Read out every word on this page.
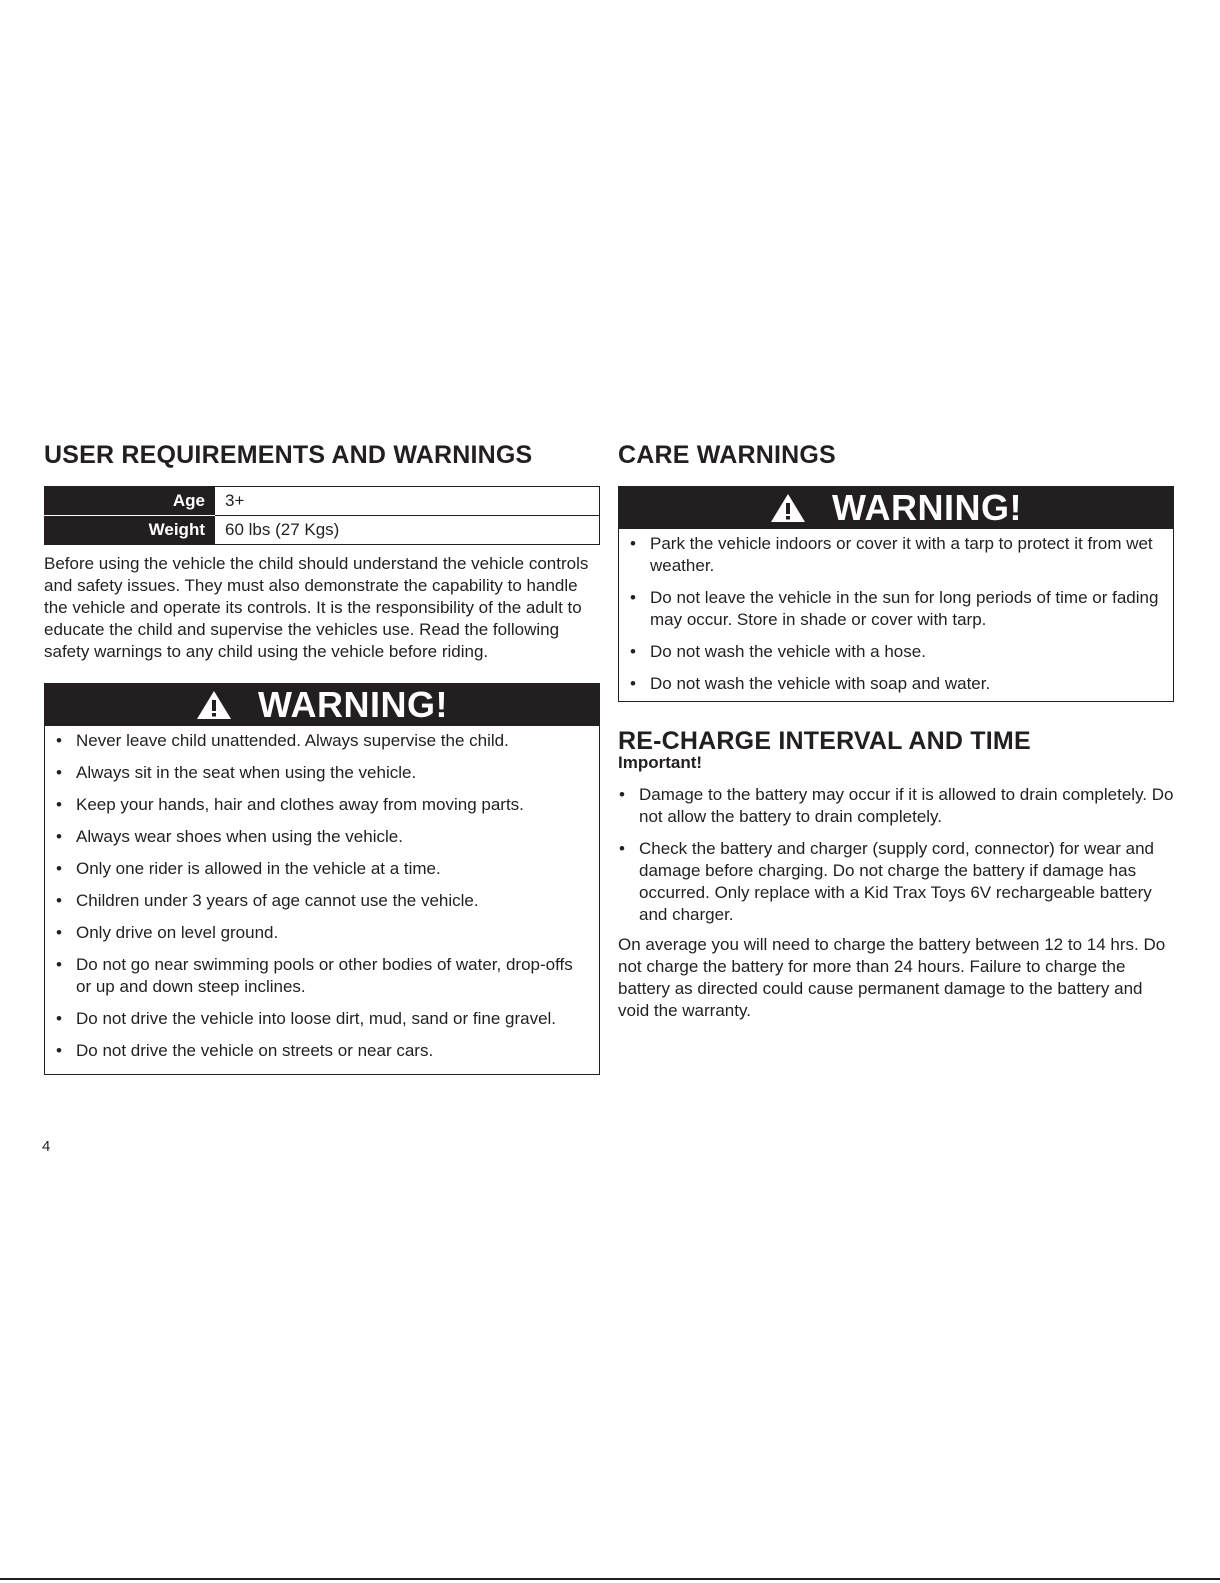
USER REQUIREMENTS AND WARNINGS
Age	3+
Weight	60 lbs (27 Kgs)

Before using the vehicle the child should understand the vehicle controls and safety issues. They must also demonstrate the capability to handle the vehicle and operate its controls. It is the responsibility of the adult to educate the child and supervise the vehicles use. Read the following safety warnings to any child using the vehicle before riding.

WARNING!
• Never leave child unattended. Always supervise the child.
• Always sit in the seat when using the vehicle.
• Keep your hands, hair and clothes away from moving parts.
• Always wear shoes when using the vehicle.
• Only one rider is allowed in the vehicle at a time.
• Children under 3 years of age cannot use the vehicle.
• Only drive on level ground.
• Do not go near swimming pools or other bodies of water, drop-offs or up and down steep inclines.
• Do not drive the vehicle into loose dirt, mud, sand or fine gravel.
• Do not drive the vehicle on streets or near cars.
CARE WARNINGS
WARNING!
• Park the vehicle indoors or cover it with a tarp to protect it from wet weather.
• Do not leave the vehicle in the sun for long periods of time or fading may occur. Store in shade or cover with tarp.
• Do not wash the vehicle with a hose.
• Do not wash the vehicle with soap and water.
RE-CHARGE INTERVAL AND TIME
Important!
• Damage to the battery may occur if it is allowed to drain completely. Do not allow the battery to drain completely.
• Check the battery and charger (supply cord, connector) for wear and damage before charging. Do not charge the battery if damage has occurred. Only replace with a Kid Trax Toys 6V rechargeable battery and charger.

On average you will need to charge the battery between 12 to 14 hrs. Do not charge the battery for more than 24 hours. Failure to charge the battery as directed could cause permanent damage to the battery and void the warranty.

4
